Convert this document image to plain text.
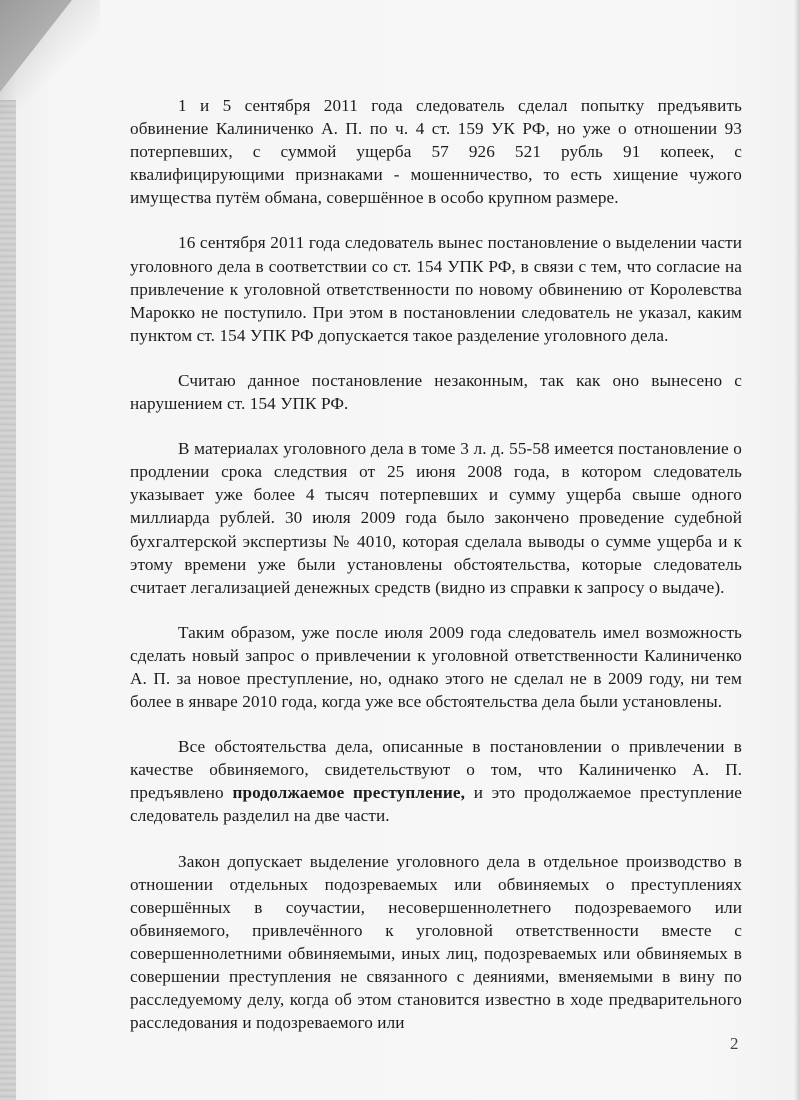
1 и 5 сентября 2011 года следователь сделал попытку предъявить обвинение Калиниченко А. П. по ч. 4 ст. 159 УК РФ, но уже о отношении 93 потерпевших, с суммой ущерба 57 926 521 рубль 91 копеек, с квалифицирующими признаками - мошенничество, то есть хищение чужого имущества путём обмана, совершённое в особо крупном размере.

16 сентября 2011 года следователь вынес постановление о выделении части уголовного дела в соответствии со ст. 154 УПК РФ, в связи с тем, что согласие на привлечение к уголовной ответственности по новому обвинению от Королевства Марокко не поступило. При этом в постановлении следователь не указал, каким пунктом ст. 154 УПК РФ допускается такое разделение уголовного дела.

Считаю данное постановление незаконным, так как оно вынесено с нарушением ст. 154 УПК РФ.

В материалах уголовного дела в томе 3 л. д. 55-58 имеется постановление о продлении срока следствия от 25 июня 2008 года, в котором следователь указывает уже более 4 тысяч потерпевших и сумму ущерба свыше одного миллиарда рублей. 30 июля 2009 года было закончено проведение судебной бухгалтерской экспертизы № 4010, которая сделала выводы о сумме ущерба и к этому времени уже были установлены обстоятельства, которые следователь считает легализацией денежных средств (видно из справки к запросу о выдаче).

Таким образом, уже после июля 2009 года следователь имел возможность сделать новый запрос о привлечении к уголовной ответственности Калиниченко А. П. за новое преступление, но, однако этого не сделал не в 2009 году, ни тем более в январе 2010 года, когда уже все обстоятельства дела были установлены.

Все обстоятельства дела, описанные в постановлении о привлечении в качестве обвиняемого, свидетельствуют о том, что Калиниченко А. П. предъявлено продолжаемое преступление, и это продолжаемое преступление следователь разделил на две части.

Закон допускает выделение уголовного дела в отдельное производство в отношении отдельных подозреваемых или обвиняемых о преступлениях совершённых в соучастии, несовершеннолетнего подозреваемого или обвиняемого, привлечённого к уголовной ответственности вместе с совершеннолетними обвиняемыми, иных лиц, подозреваемых или обвиняемых в совершении преступления не связанного с деяниями, вменяемыми в вину по расследуемому делу, когда об этом становится известно в ходе предварительного расследования и подозреваемого или

2
